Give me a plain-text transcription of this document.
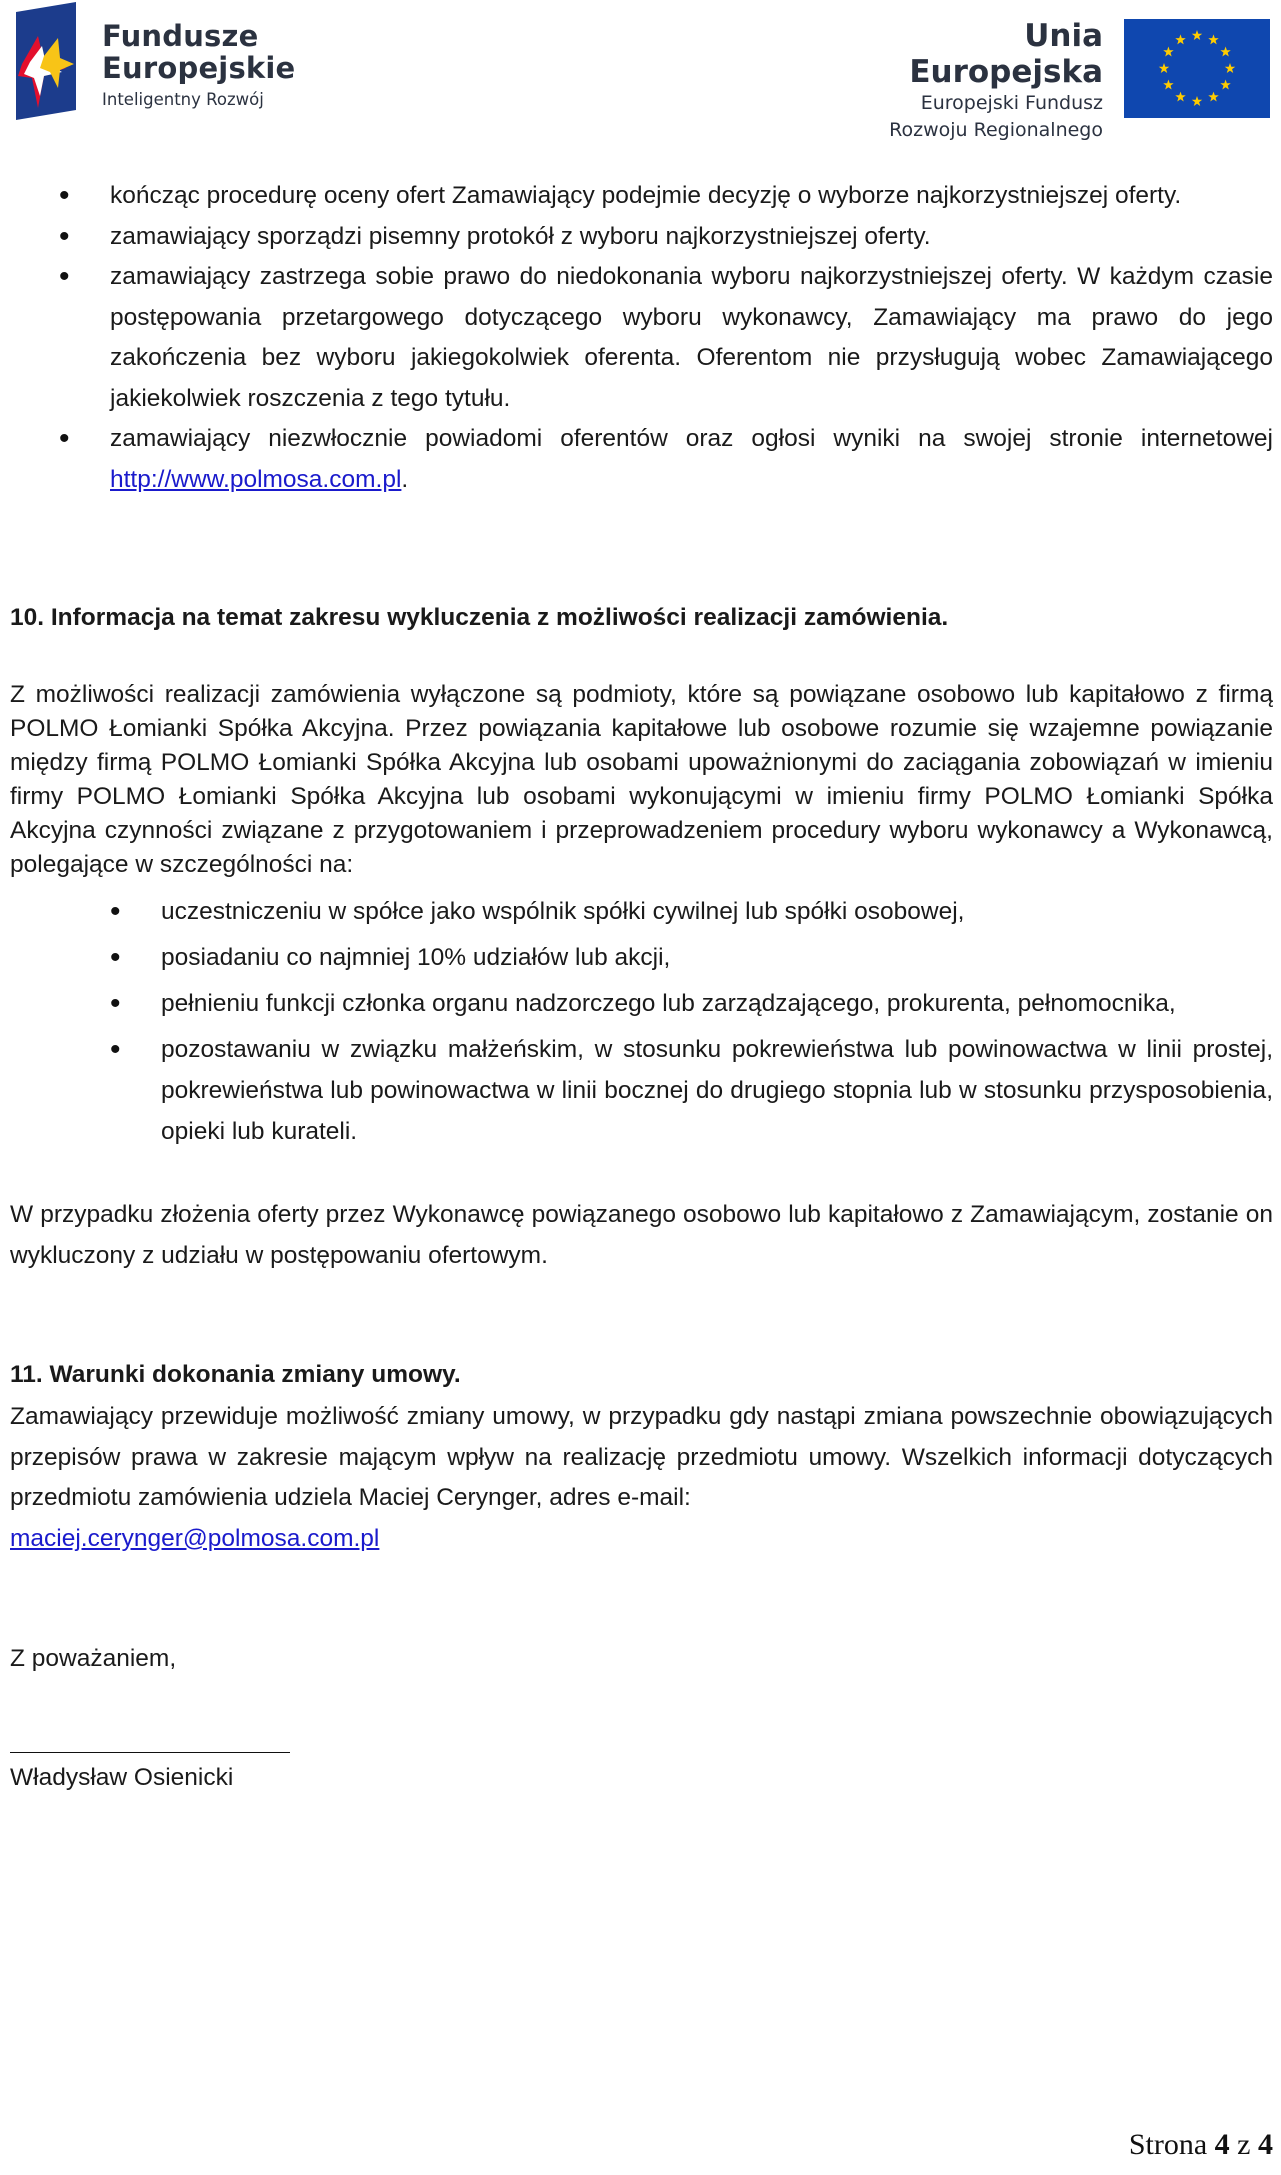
Fundusze
Europejskie
Inteligentny Rozwój
Unia Europejska
Europejski Fundusz
Rozwoju Regionalnego
• kończąc procedurę oceny ofert Zamawiający podejmie decyzję o wyborze najkorzystniejszej oferty.
• zamawiający sporządzi pisemny protokół z wyboru najkorzystniejszej oferty.
• zamawiający zastrzega sobie prawo do niedokonania wyboru najkorzystniejszej oferty. W każdym czasie postępowania przetargowego dotyczącego wyboru wykonawcy, Zamawiający ma prawo do jego zakończenia bez wyboru jakiegokolwiek oferenta. Oferentom nie przysługują wobec Zamawiającego jakiekolwiek roszczenia z tego tytułu.
• zamawiający niezwłocznie powiadomi oferentów oraz ogłosi wyniki na swojej stronie internetowej http://www.polmosa.com.pl.
10. Informacja na temat zakresu wykluczenia z możliwości realizacji zamówienia.
Z możliwości realizacji zamówienia wyłączone są podmioty, które są powiązane osobowo lub kapitałowo z firmą POLMO Łomianki Spółka Akcyjna. Przez powiązania kapitałowe lub osobowe rozumie się wzajemne powiązanie między firmą POLMO Łomianki Spółka Akcyjna lub osobami upoważnionymi do zaciągania zobowiązań w imieniu firmy POLMO Łomianki Spółka Akcyjna lub osobami wykonującymi w imieniu firmy POLMO Łomianki Spółka Akcyjna czynności związane z przygotowaniem i przeprowadzeniem procedury wyboru wykonawcy a Wykonawcą, polegające w szczególności na:
• uczestniczeniu w spółce jako wspólnik spółki cywilnej lub spółki osobowej,
• posiadaniu co najmniej 10% udziałów lub akcji,
• pełnieniu funkcji członka organu nadzorczego lub zarządzającego, prokurenta, pełnomocnika,
• pozostawaniu w związku małżeńskim, w stosunku pokrewieństwa lub powinowactwa w linii prostej, pokrewieństwa lub powinowactwa w linii bocznej do drugiego stopnia lub w stosunku przysposobienia, opieki lub kurateli.
W przypadku złożenia oferty przez Wykonawcę powiązanego osobowo lub kapitałowo z Zamawiającym, zostanie on wykluczony z udziału w postępowaniu ofertowym.
11. Warunki dokonania zmiany umowy.
Zamawiający przewiduje możliwość zmiany umowy, w przypadku gdy nastąpi zmiana powszechnie obowiązujących przepisów prawa w zakresie mającym wpływ na realizację przedmiotu umowy. Wszelkich informacji dotyczących przedmiotu zamówienia udziela Maciej Cerynger, adres e-mail:
maciej.cerynger@polmosa.com.pl
Z poważaniem,
Władysław Osienicki
Strona 4 z 4
